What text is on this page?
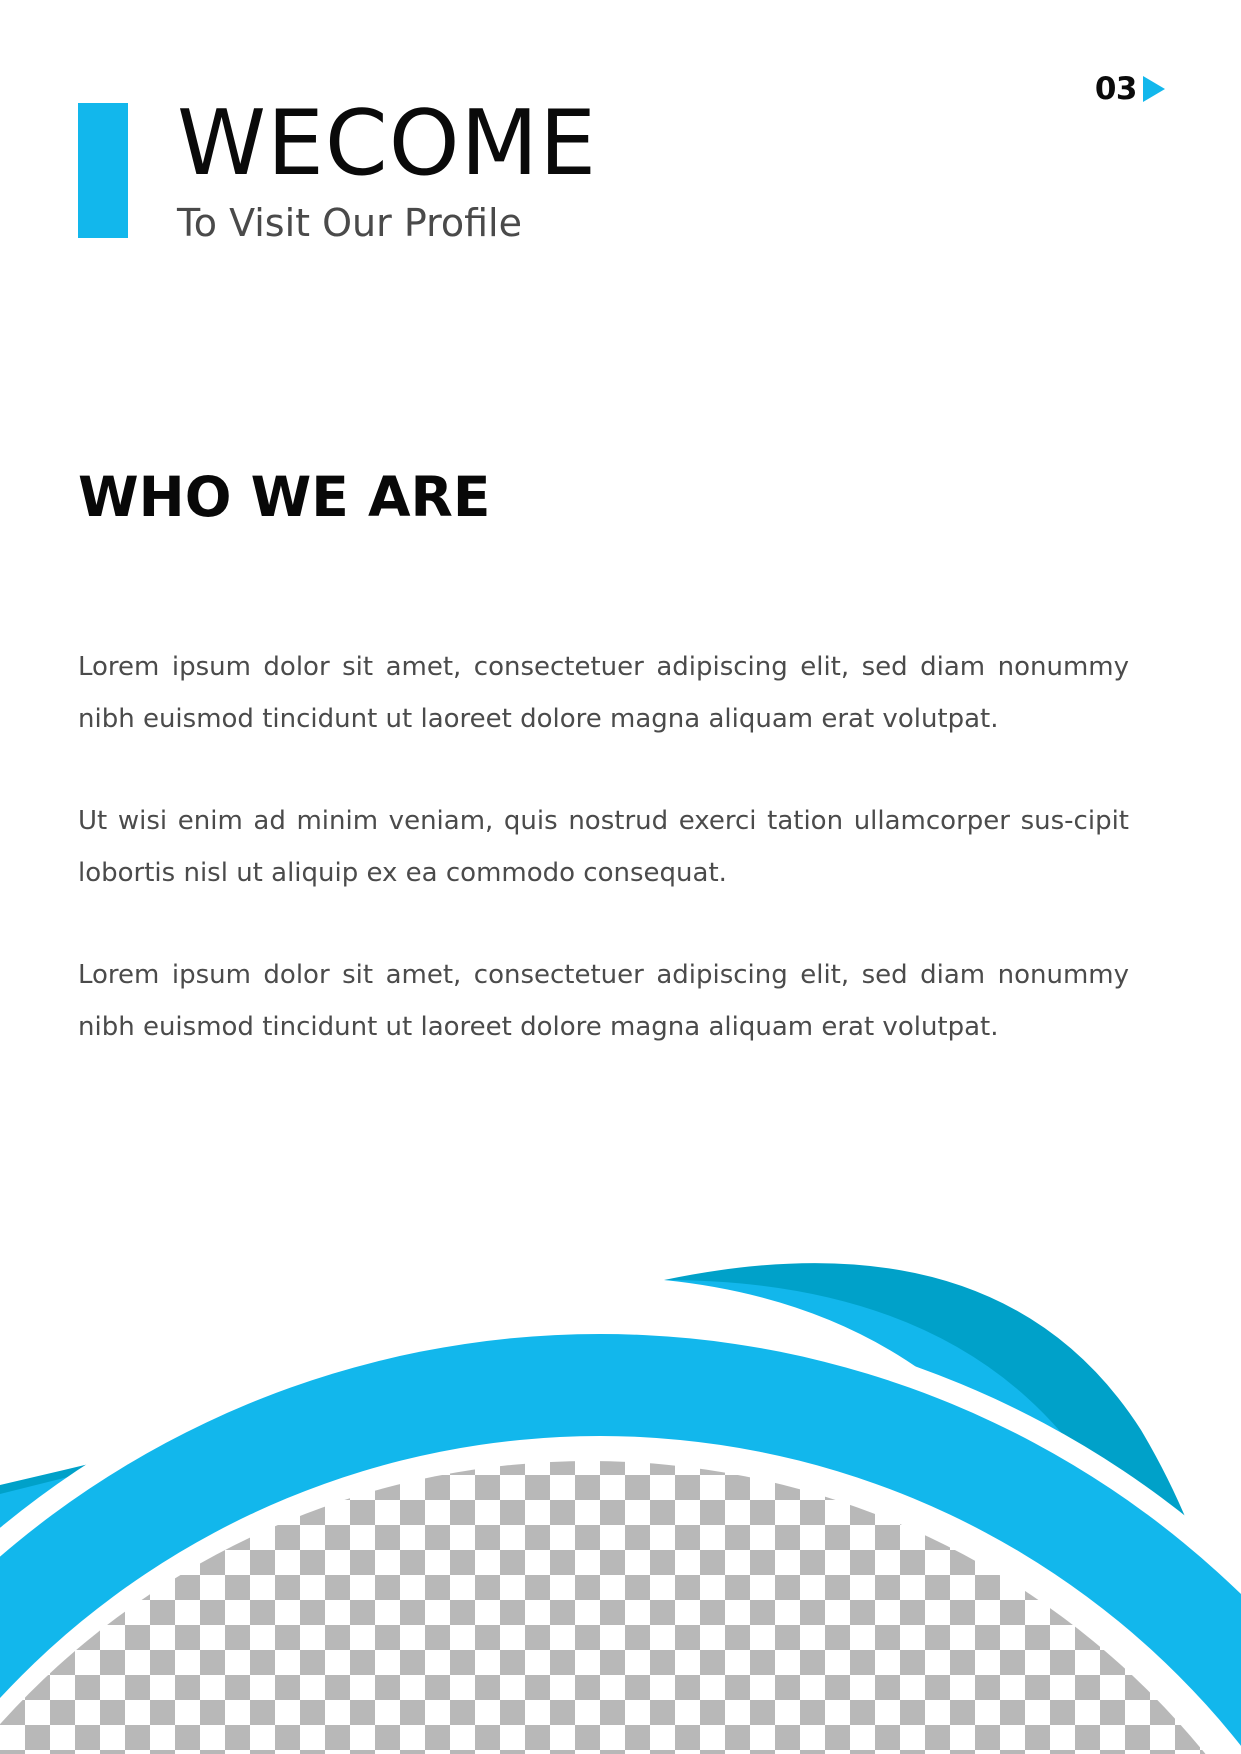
03
WECOME

To Visit Our Profile

WHO WE ARE

Lorem ipsum dolor sit amet, consectetuer adipiscing elit, sed diam nonummy nibh euismod tincidunt ut laoreet dolore magna aliquam erat volutpat.

Ut wisi enim ad minim veniam, quis nostrud exerci tation ullamcorper sus-cipit lobortis nisl ut aliquip ex ea commodo consequat.

Lorem ipsum dolor sit amet, consectetuer adipiscing elit, sed diam nonummy nibh euismod tincidunt ut laoreet dolore magna aliquam erat volutpat.
